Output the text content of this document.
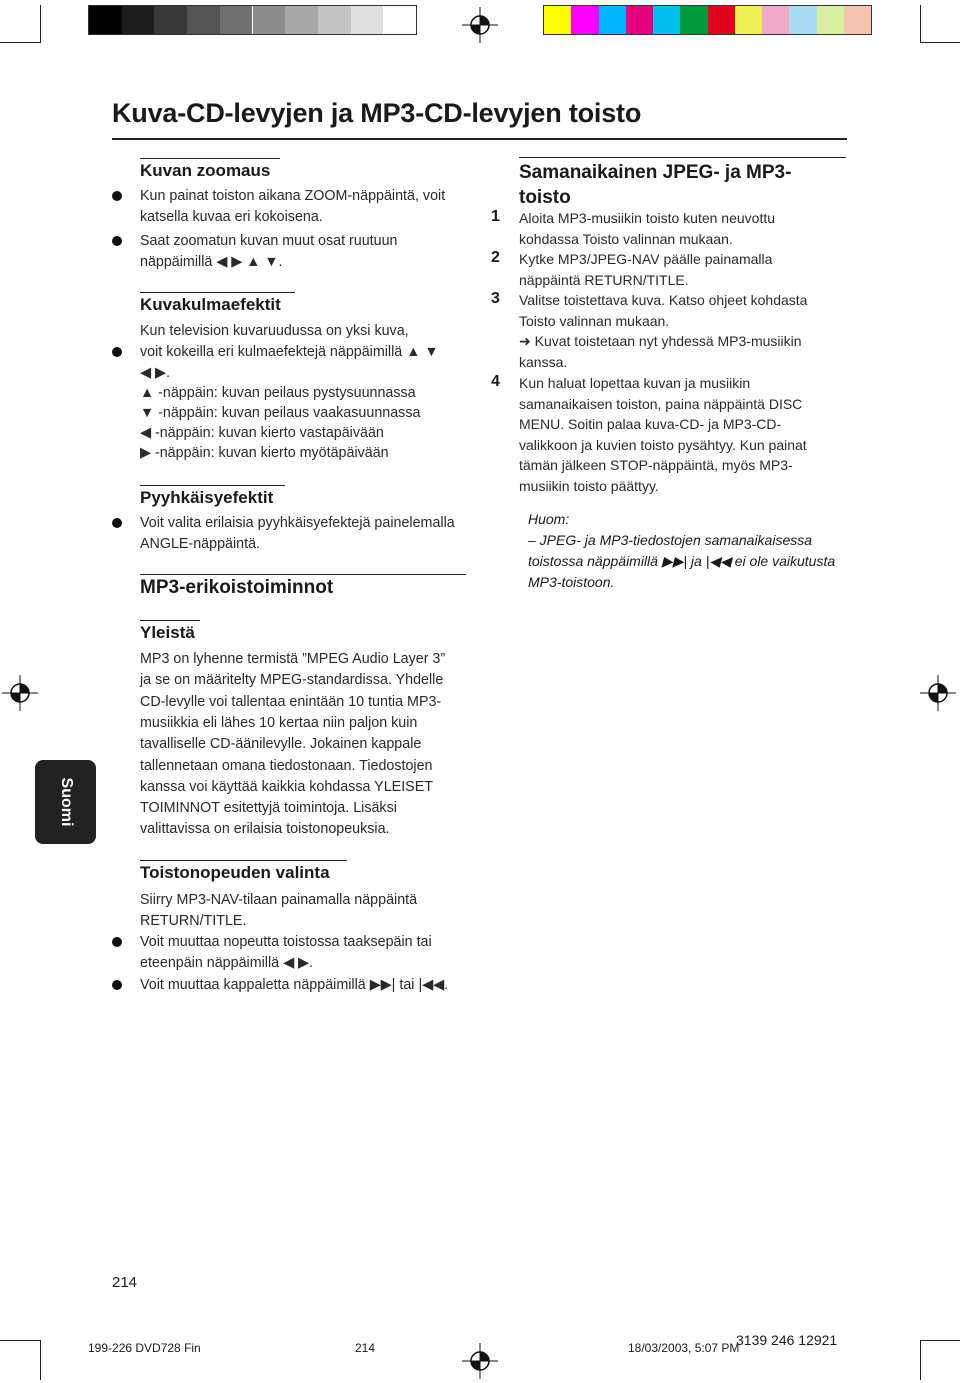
Kuva-CD-levyjen ja MP3-CD-levyjen toisto
Kuvan zoomaus
Kun painat toiston aikana ZOOM-näppäintä, voit
katsella kuvaa eri kokoisena.
Saat zoomatun kuvan muut osat ruutuun
näppäimillä ◀ ▶ ▲ ▼.
Kuvakulmaefektit
Kun television kuvaruudussa on yksi kuva,
voit kokeilla eri kulmaefektejä näppäimillä ▲ ▼
◀ ▶.
▲ -näppäin: kuvan peilaus pystysuunnassa
▼ -näppäin: kuvan peilaus vaakasuunnassa
◀ -näppäin: kuvan kierto vastapäivään
▶ -näppäin: kuvan kierto myötäpäivään
Pyyhkäisyefektit
Voit valita erilaisia pyyhkäisyefektejä painelemalla
ANGLE-näppäintä.
MP3-erikoistoiminnot
Yleistä
MP3 on lyhenne termistä ”MPEG Audio Layer 3”
ja se on määritelty MPEG-standardissa. Yhdelle
CD-levylle voi tallentaa enintään 10 tuntia MP3-
musiikkia eli lähes 10 kertaa niin paljon kuin
tavalliselle CD-äänilevylle. Jokainen kappale
tallennetaan omana tiedostonaan. Tiedostojen
kanssa voi käyttää kaikkia kohdassa YLEISET
TOIMINNOT esitettyjä toimintoja. Lisäksi
valittavissa on erilaisia toistonopeuksia.
Toistonopeuden valinta
Siirry MP3-NAV-tilaan painamalla näppäintä
RETURN/TITLE.
Voit muuttaa nopeutta toistossa taaksepäin tai
eteenpäin näppäimillä ◀ ▶.
Voit muuttaa kappaletta näppäimillä ▶▶| tai |◀◀.
Samanaikainen JPEG- ja MP3-
toisto
1 Aloita MP3-musiikin toisto kuten neuvottu
kohdassa Toisto valinnan mukaan.
2 Kytke MP3/JPEG-NAV päälle painamalla
näppäintä RETURN/TITLE.
3 Valitse toistettava kuva. Katso ohjeet kohdasta
Toisto valinnan mukaan.
➜ Kuvat toistetaan nyt yhdessä MP3-musiikin
kanssa.
4 Kun haluat lopettaa kuvan ja musiikin
samanaikaisen toiston, paina näppäintä DISC
MENU. Soitin palaa kuva-CD- ja MP3-CD-
valikkoon ja kuvien toisto pysähtyy. Kun painat
tämän jälkeen STOP-näppäintä, myös MP3-
musiikin toisto päättyy.
Huom:
– JPEG- ja MP3-tiedostojen samanaikaisessa
toistossa näppäimillä ▶▶| ja |◀◀ ei ole vaikutusta
MP3-toistoon.
Suomi
214
199-226 DVD728 Fin	214	18/03/2003, 5:07 PM
3139 246 12921
